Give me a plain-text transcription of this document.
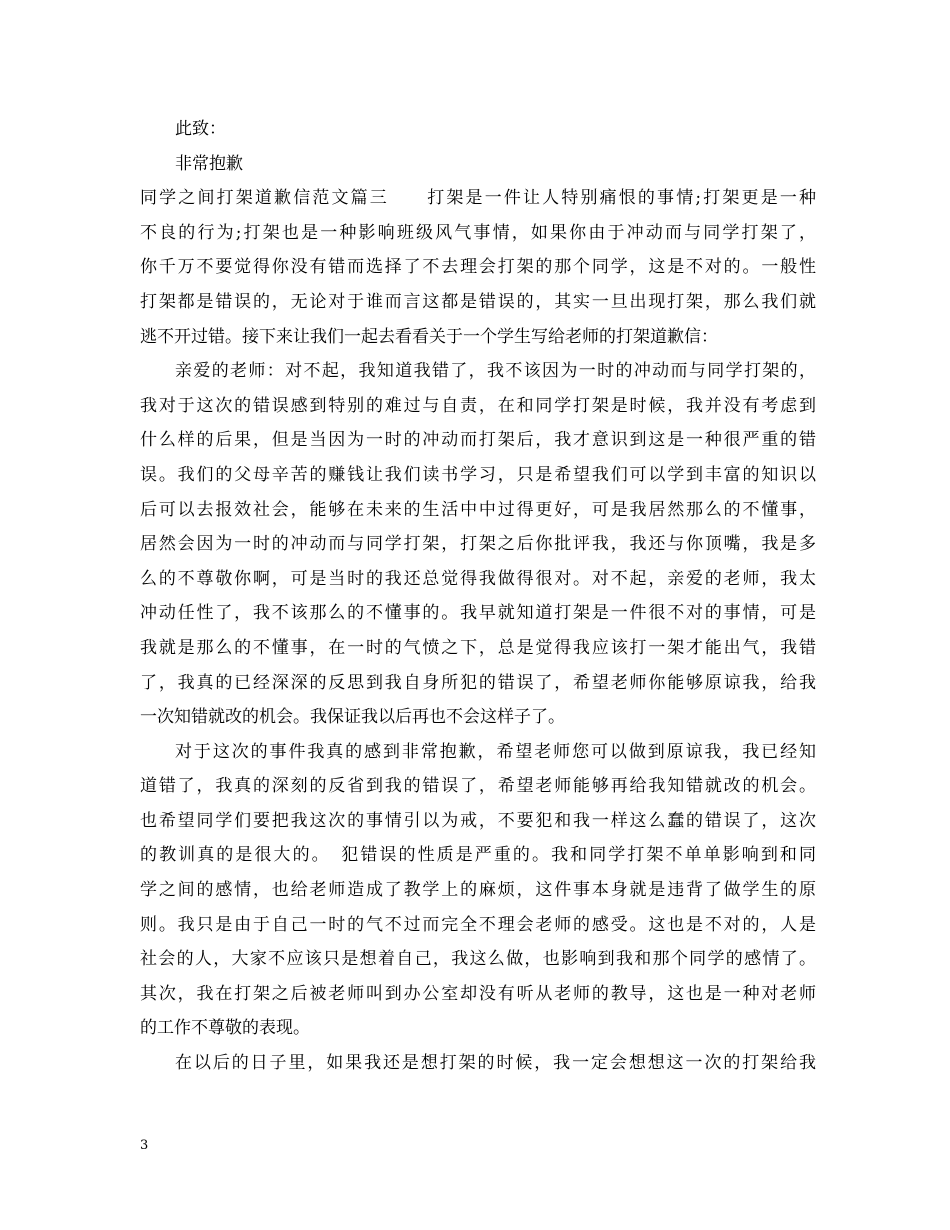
此致：
非常抱歉
同学之间打架道歉信范文篇三　　打架是一件让人特别痛恨的事情;打架更是一种
不良的行为;打架也是一种影响班级风气事情，如果你由于冲动而与同学打架了，
你千万不要觉得你没有错而选择了不去理会打架的那个同学，这是不对的。一般性
打架都是错误的，无论对于谁而言这都是错误的，其实一旦出现打架，那么我们就
逃不开过错。接下来让我们一起去看看关于一个学生写给老师的打架道歉信：
亲爱的老师：对不起，我知道我错了，我不该因为一时的冲动而与同学打架的，
我对于这次的错误感到特别的难过与自责，在和同学打架是时候，我并没有考虑到
什么样的后果，但是当因为一时的冲动而打架后，我才意识到这是一种很严重的错
误。我们的父母辛苦的赚钱让我们读书学习，只是希望我们可以学到丰富的知识以
后可以去报效社会，能够在未来的生活中中过得更好，可是我居然那么的不懂事，
居然会因为一时的冲动而与同学打架，打架之后你批评我，我还与你顶嘴，我是多
么的不尊敬你啊，可是当时的我还总觉得我做得很对。对不起，亲爱的老师，我太
冲动任性了，我不该那么的不懂事的。我早就知道打架是一件很不对的事情，可是
我就是那么的不懂事，在一时的气愤之下，总是觉得我应该打一架才能出气，我错
了，我真的已经深深的反思到我自身所犯的错误了，希望老师你能够原谅我，给我
一次知错就改的机会。我保证我以后再也不会这样子了。
对于这次的事件我真的感到非常抱歉，希望老师您可以做到原谅我，我已经知
道错了，我真的深刻的反省到我的错误了，希望老师能够再给我知错就改的机会。
也希望同学们要把我这次的事情引以为戒，不要犯和我一样这么蠢的错误了，这次
的教训真的是很大的。　犯错误的性质是严重的。我和同学打架不单单影响到和同
学之间的感情，也给老师造成了教学上的麻烦，这件事本身就是违背了做学生的原
则。我只是由于自己一时的气不过而完全不理会老师的感受。这也是不对的，人是
社会的人，大家不应该只是想着自己，我这么做，也影响到我和那个同学的感情了。
其次，我在打架之后被老师叫到办公室却没有听从老师的教导，这也是一种对老师
的工作不尊敬的表现。
在以后的日子里，如果我还是想打架的时候，我一定会想想这一次的打架给我
3
